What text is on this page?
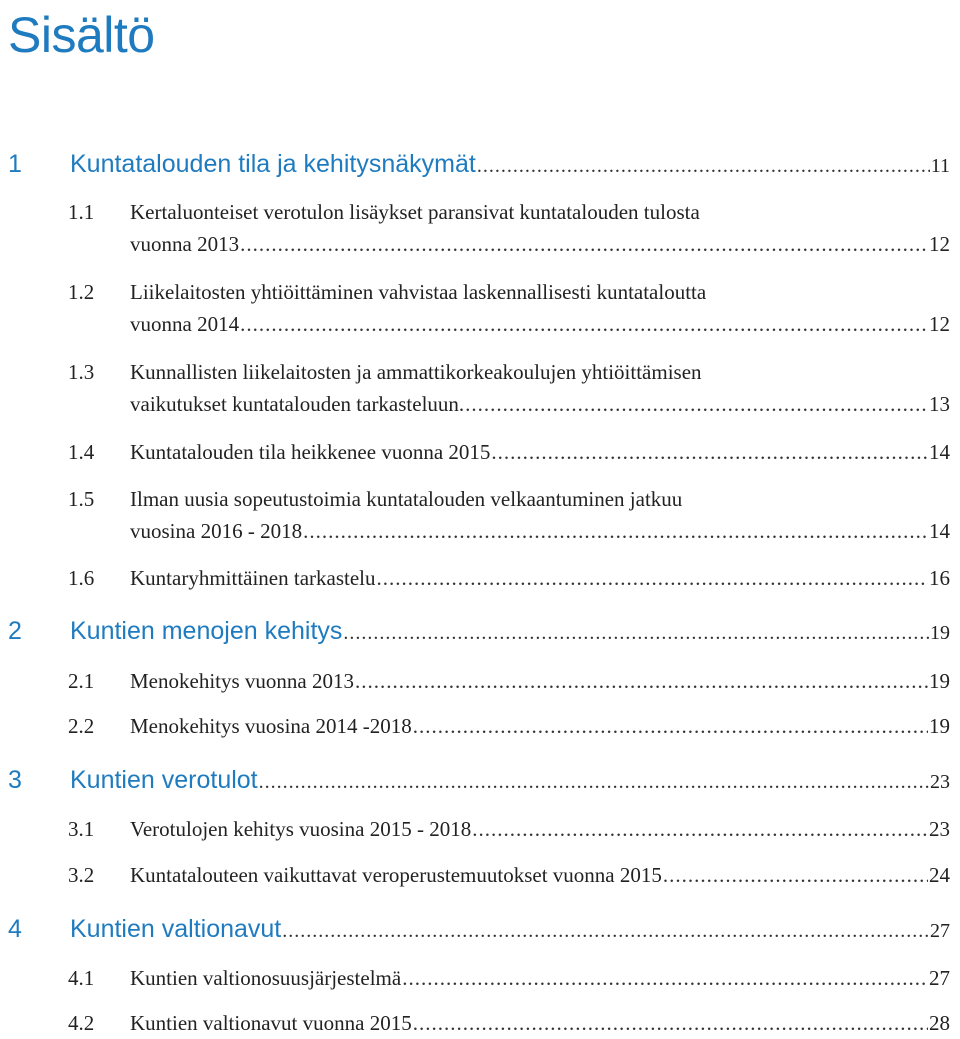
Sisältö
1 Kuntatalouden tila ja kehitysnäkymät .....	11
1.1 Kertaluonteiset verotulon lisäykset paransivat kuntatalouden tulosta
vuonna 2013 .....	12
1.2 Liikelaitosten yhtiöittäminen vahvistaa laskennallisesti kuntataloutta
vuonna 2014 .....	12
1.3 Kunnallisten liikelaitosten ja ammattikorkeakoulujen yhtiöittämisen
vaikutukset kuntatalouden tarkasteluun. .....	13
1.4 Kuntatalouden tila heikkenee vuonna 2015 .....	14
1.5 Ilman uusia sopeutustoimia kuntatalouden velkaantuminen jatkuu
vuosina 2016 - 2018 .....	14
1.6 Kuntaryhmittäinen tarkastelu .....	16
2 Kuntien menojen kehitys .....	19
2.1 Menokehitys vuonna 2013 .....	19
2.2 Menokehitys vuosina 2014 -2018 .....	19
3 Kuntien verotulot .....	23
3.1 Verotulojen kehitys vuosina 2015 - 2018 .....	23
3.2 Kuntatalouteen vaikuttavat veroperustemuutokset vuonna 2015 .....	24
4 Kuntien valtionavut .....	27
4.1 Kuntien valtionosuusjärjestelmä .....	27
4.2 Kuntien valtionavut vuonna 2015 .....	28
